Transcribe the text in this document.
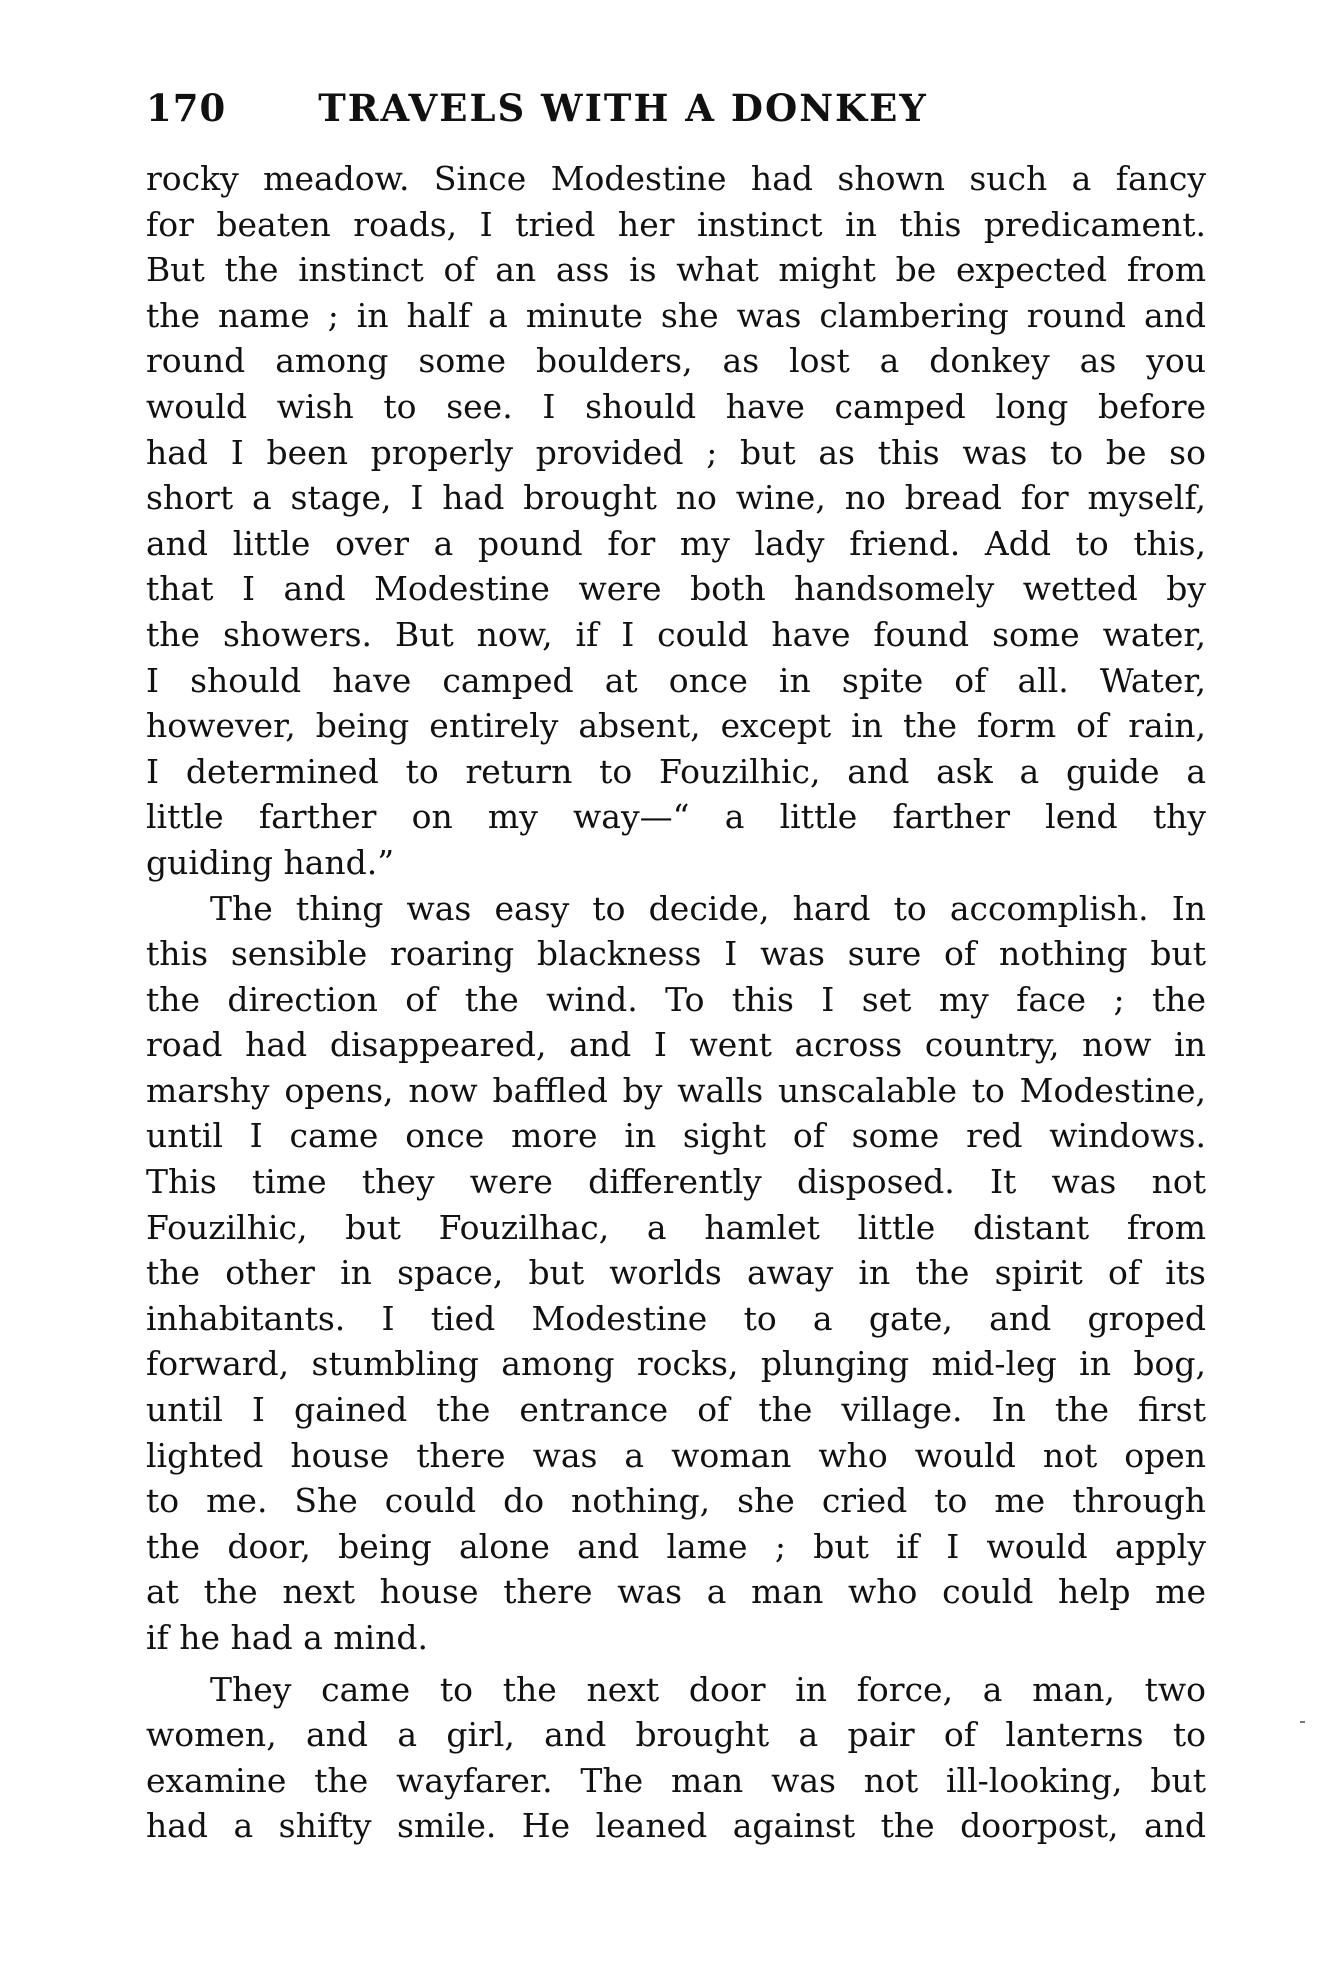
170 TRAVELS WITH A DONKEY
rocky meadow. Since Modestine had shown such a fancy
for beaten roads, I tried her instinct in this predicament.
But the instinct of an ass is what might be expected from
the name ; in half a minute she was clambering round and
round among some boulders, as lost a donkey as you
would wish to see. I should have camped long before
had I been properly provided ; but as this was to be so
short a stage, I had brought no wine, no bread for myself,
and little over a pound for my lady friend. Add to this,
that I and Modestine were both handsomely wetted by
the showers. But now, if I could have found some water,
I should have camped at once in spite of all. Water,
however, being entirely absent, except in the form of rain,
I determined to return to Fouzilhic, and ask a guide a
little farther on my way—“ a little farther lend thy
guiding hand.”
The thing was easy to decide, hard to accomplish. In
this sensible roaring blackness I was sure of nothing but
the direction of the wind. To this I set my face ; the
road had disappeared, and I went across country, now in
marshy opens, now baffled by walls unscalable to Modestine,
until I came once more in sight of some red windows.
This time they were differently disposed. It was not
Fouzilhic, but Fouzilhac, a hamlet little distant from
the other in space, but worlds away in the spirit of its
inhabitants. I tied Modestine to a gate, and groped
forward, stumbling among rocks, plunging mid-leg in bog,
until I gained the entrance of the village. In the first
lighted house there was a woman who would not open
to me. She could do nothing, she cried to me through
the door, being alone and lame ; but if I would apply
at the next house there was a man who could help me
if he had a mind.
They came to the next door in force, a man, two
women, and a girl, and brought a pair of lanterns to
examine the wayfarer. The man was not ill-looking, but
had a shifty smile. He leaned against the doorpost, and
